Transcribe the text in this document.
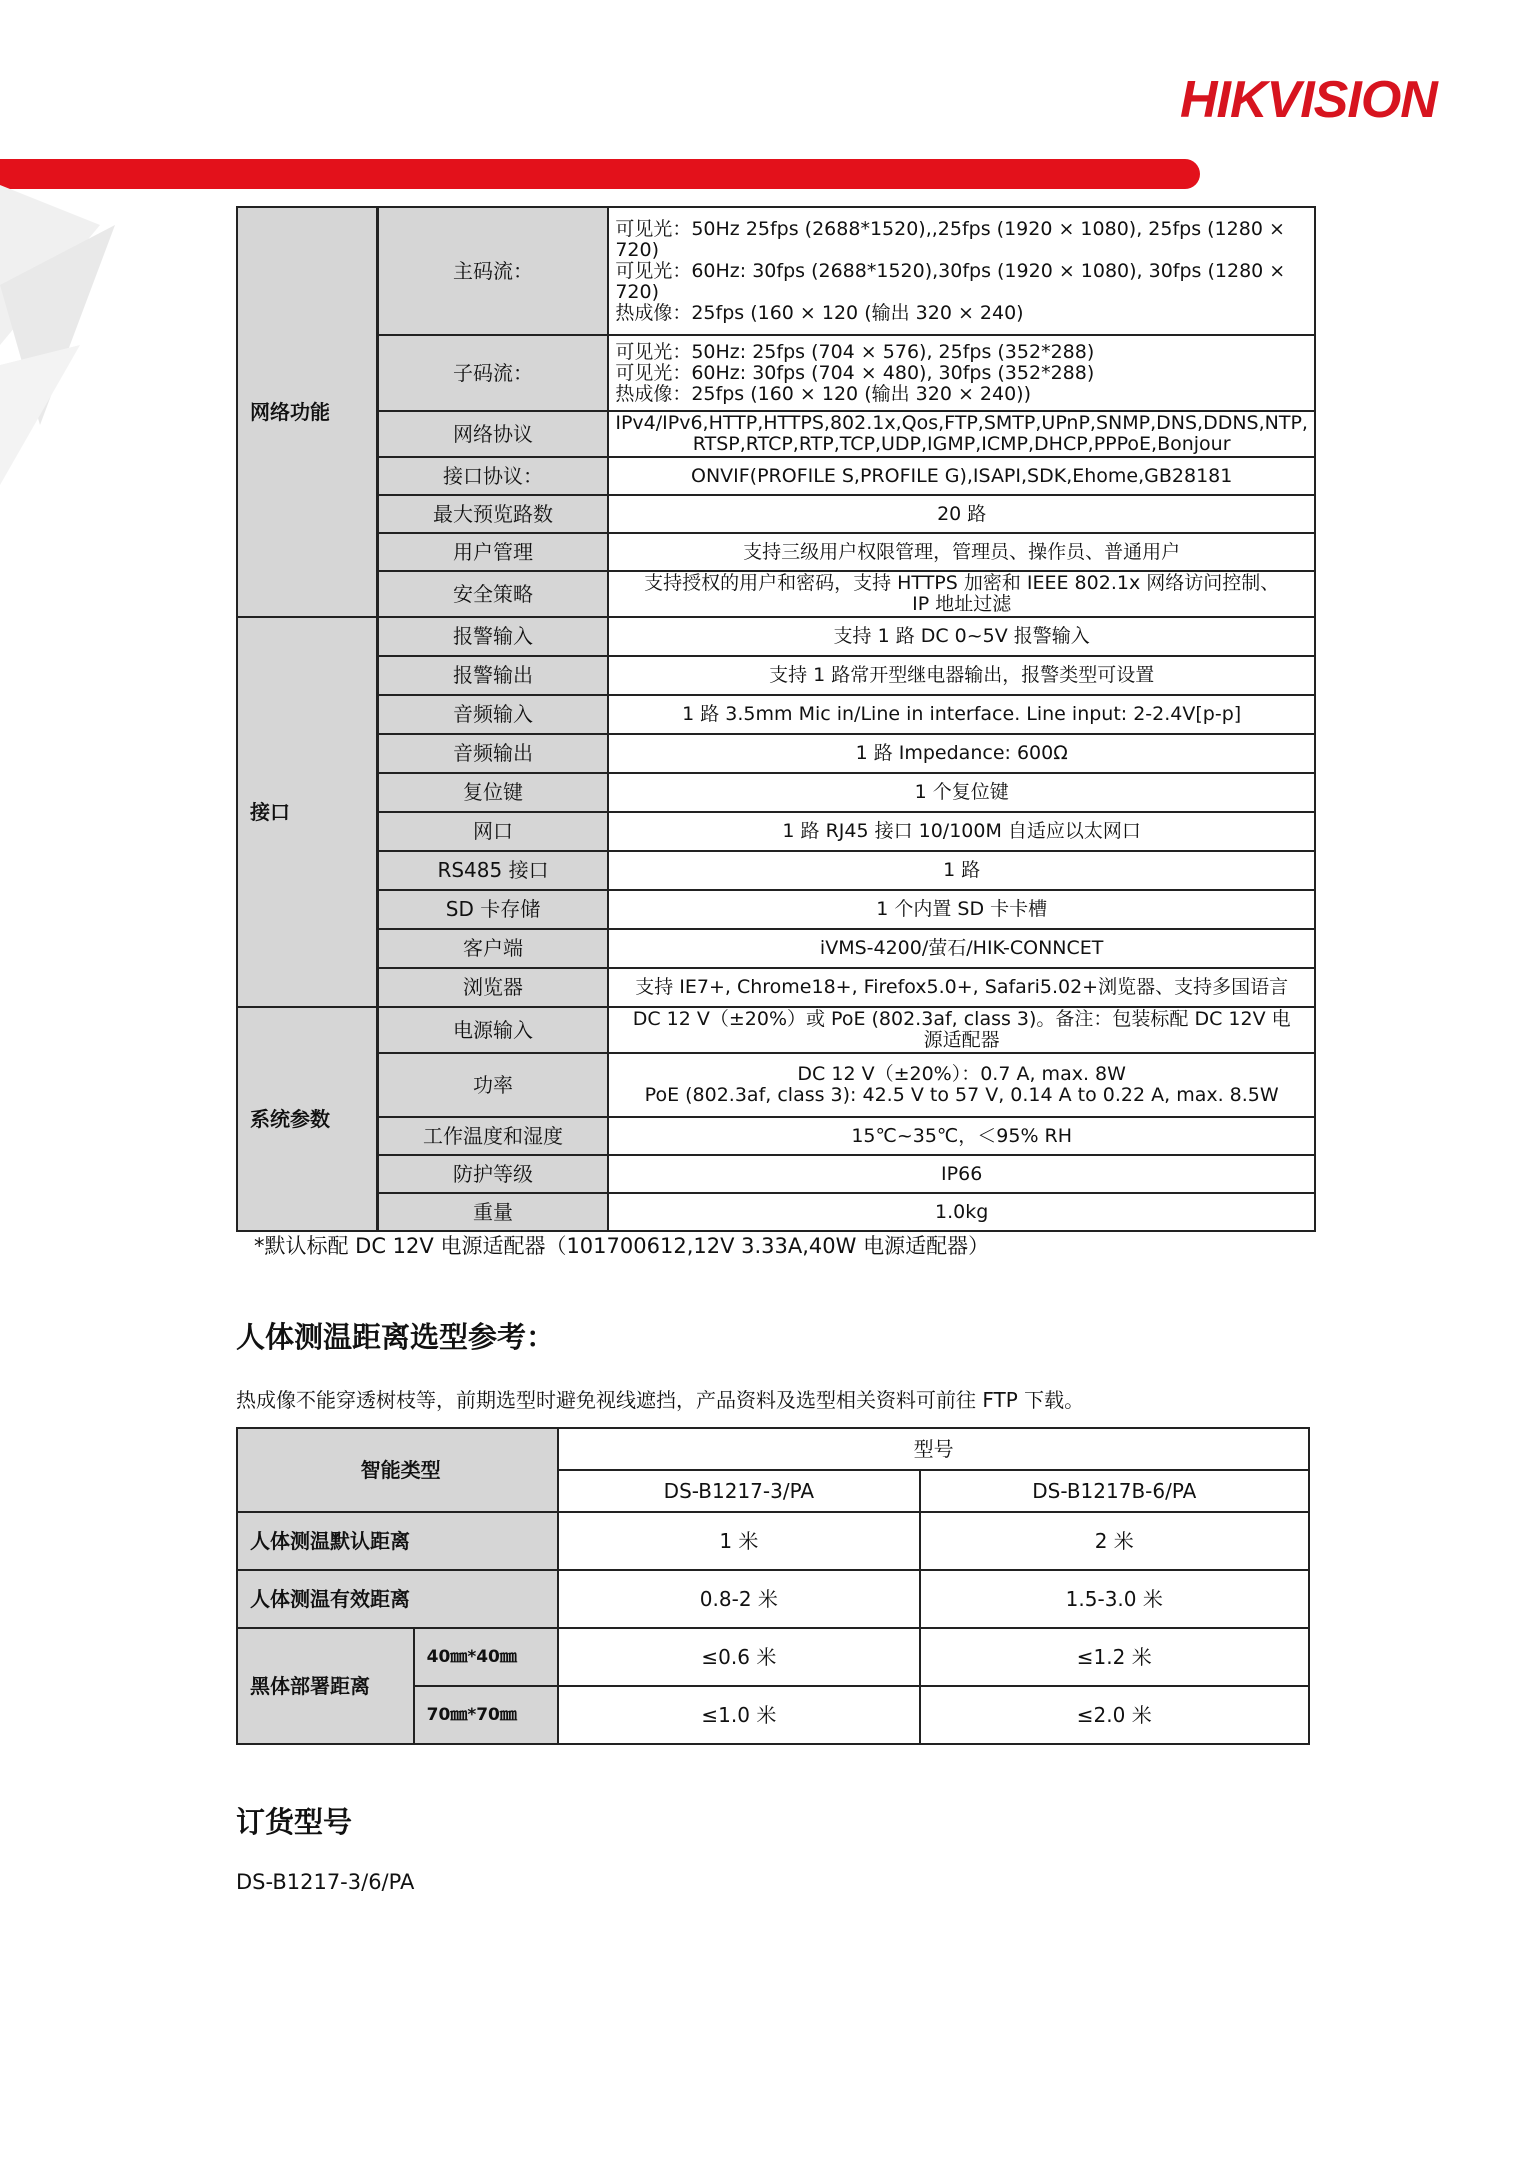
HIKVISION
网络功能	主码流：	可见光：50Hz 25fps (2688*1520),,25fps (1920 × 1080), 25fps (1280 ×
720)
可见光：60Hz: 30fps (2688*1520),30fps (1920 × 1080), 30fps (1280 ×
720)
热成像：25fps (160 × 120 (输出 320 × 240)

	子码流：	可见光：50Hz: 25fps (704 × 576), 25fps (352*288)
可见光：60Hz: 30fps (704 × 480), 30fps (352*288)
热成像：25fps (160 × 120 (输出 320 × 240))

	网络协议	IPv4/IPv6,HTTP,HTTPS,802.1x,Qos,FTP,SMTP,UPnP,SNMP,DNS,DDNS,NTP,
RTSP,RTCP,RTP,TCP,UDP,IGMP,ICMP,DHCP,PPPoE,Bonjour

	接口协议：	ONVIF(PROFILE S,PROFILE G),ISAPI,SDK,Ehome,GB28181

	最大预览路数	20 路

	用户管理	支持三级用户权限管理，管理员、操作员、普通用户

	安全策略	支持授权的用户和密码，支持 HTTPS 加密和 IEEE 802.1x 网络访问控制、
IP 地址过滤

接口	报警输入	支持 1 路 DC 0~5V 报警输入

	报警输出	支持 1 路常开型继电器输出，报警类型可设置

	音频输入	1 路 3.5mm Mic in/Line in interface. Line input: 2-2.4V[p-p]

	音频输出	1 路 Impedance: 600Ω

	复位键	1 个复位键

	网口	1 路 RJ45 接口 10/100M 自适应以太网口

	RS485 接口	1 路

	SD 卡存储	1 个内置 SD 卡卡槽

	客户端	iVMS-4200/萤石/HIK-CONNCET

	浏览器	支持 IE7+, Chrome18+, Firefox5.0+, Safari5.02+浏览器、支持多国语言

系统参数	电源输入	DC 12 V（±20%）或 PoE (802.3af, class 3)。备注：包装标配 DC 12V 电
源适配器

	功率	DC 12 V（±20%）：0.7 A, max. 8W
PoE (802.3af, class 3): 42.5 V to 57 V, 0.14 A to 0.22 A, max. 8.5W

	工作温度和湿度	15℃~35℃，＜95% RH

	防护等级	IP66

	重量	1.0kg
*默认标配 DC 12V 电源适配器（101700612,12V 3.33A,40W 电源适配器）
人体测温距离选型参考：
热成像不能穿透树枝等，前期选型时避免视线遮挡，产品资料及选型相关资料可前往 FTP 下载。
智能类型		型号	
		DS-B1217-3/PA	DS-B1217B-6/PA
人体测温默认距离		1 米	2 米
人体测温有效距离		0.8-2 米	1.5-3.0 米
黑体部署距离	40㎜*40㎜	≤0.6 米	≤1.2 米
	70㎜*70㎜	≤1.0 米	≤2.0 米
订货型号
DS-B1217-3/6/PA
